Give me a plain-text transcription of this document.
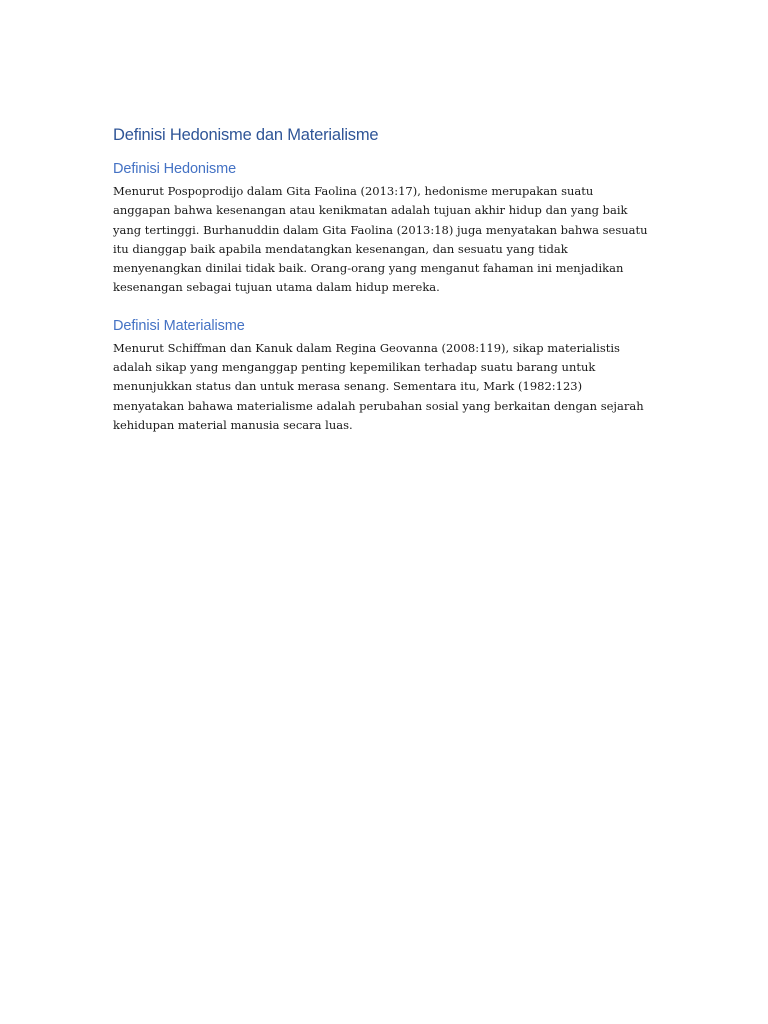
Definisi Hedonisme dan Materialisme
Definisi Hedonisme

Menurut Pospoprodijo dalam Gita Faolina (2013:17), hedonisme merupakan suatu
anggapan bahwa kesenangan atau kenikmatan adalah tujuan akhir hidup dan yang baik
yang tertinggi. Burhanuddin dalam Gita Faolina (2013:18) juga menyatakan bahwa sesuatu
itu dianggap baik apabila mendatangkan kesenangan, dan sesuatu yang tidak
menyenangkan dinilai tidak baik. Orang-orang yang menganut fahaman ini menjadikan
kesenangan sebagai tujuan utama dalam hidup mereka.

Definisi Materialisme

Menurut Schiffman dan Kanuk dalam Regina Geovanna (2008:119), sikap materialistis
adalah sikap yang menganggap penting kepemilikan terhadap suatu barang untuk
menunjukkan status dan untuk merasa senang. Sementara itu, Mark (1982:123)
menyatakan bahawa materialisme adalah perubahan sosial yang berkaitan dengan sejarah
kehidupan material manusia secara luas.
